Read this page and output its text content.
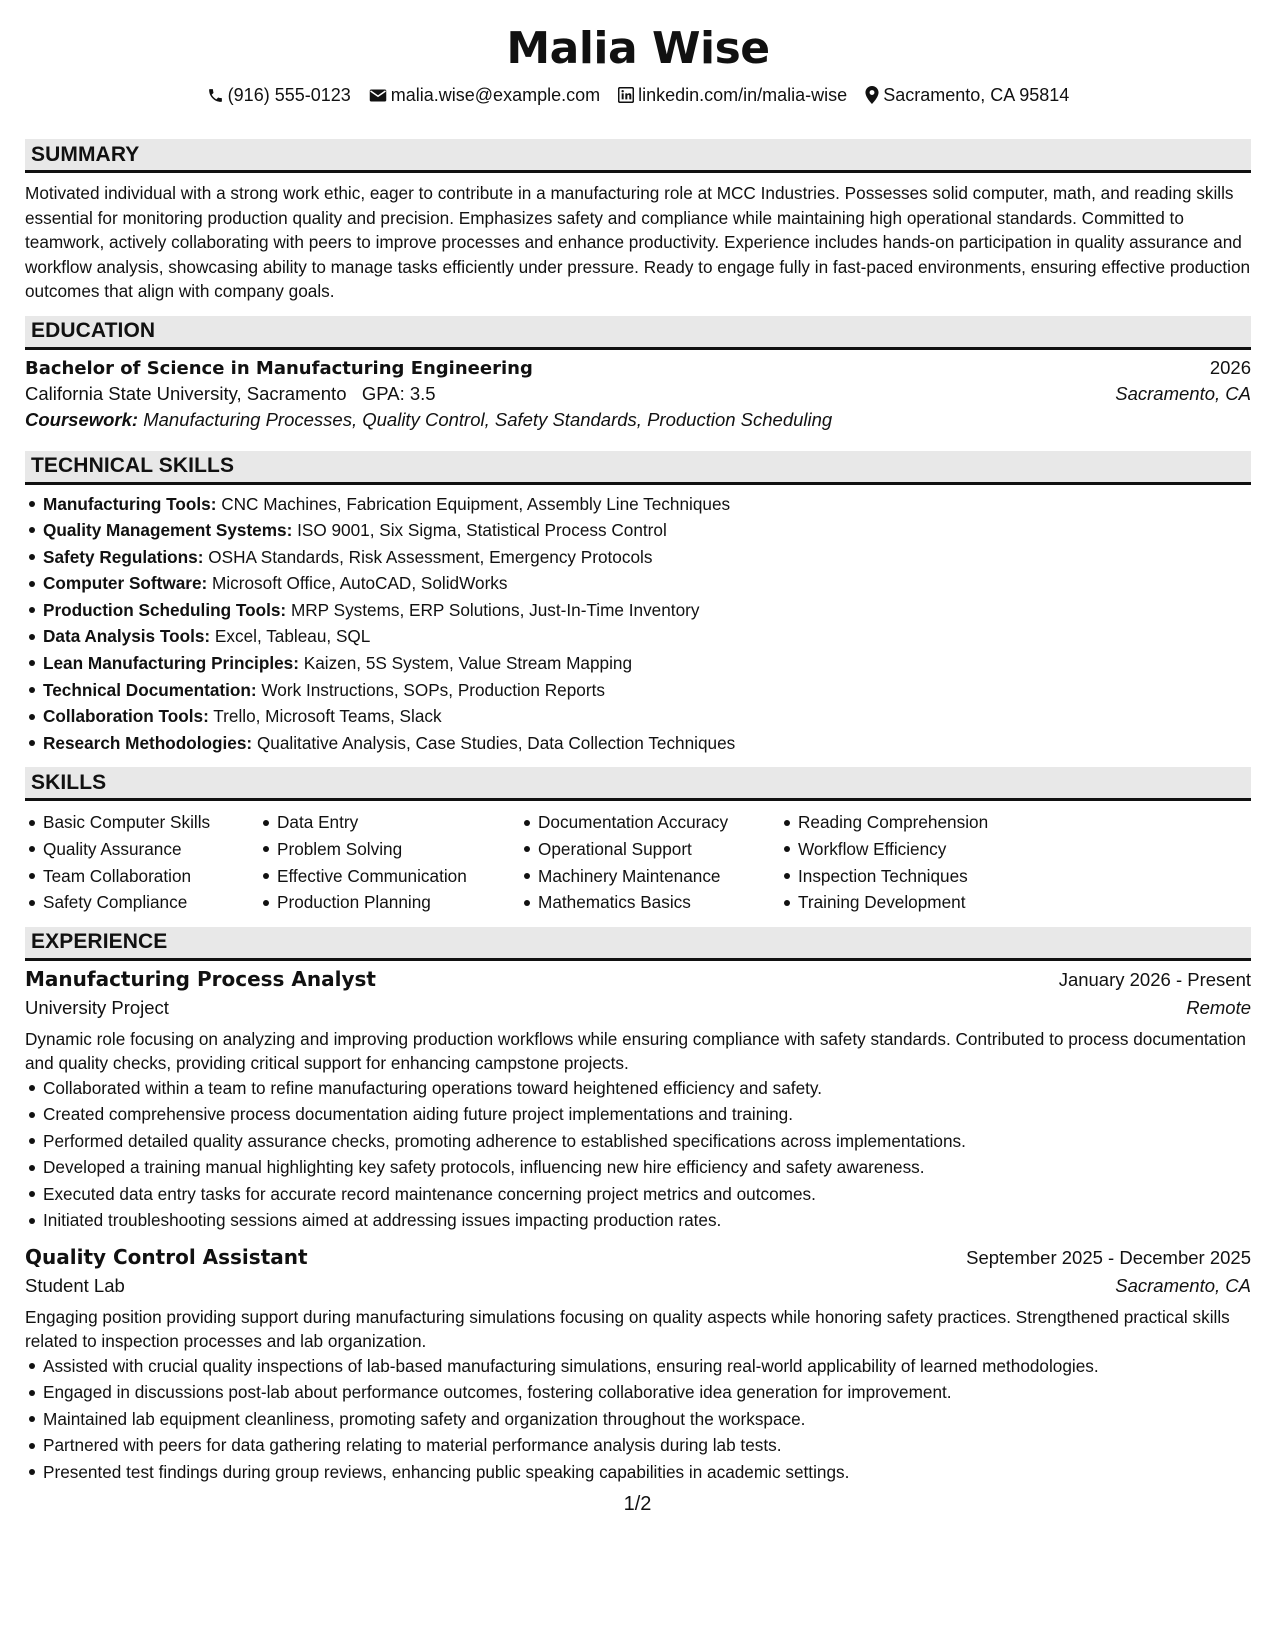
Malia Wise
(916) 555-0123 malia.wise@example.com linkedin.com/in/malia-wise Sacramento, CA 95814
SUMMARY
Motivated individual with a strong work ethic, eager to contribute in a manufacturing role at MCC Industries. Possesses solid computer, math, and reading skills essential for monitoring production quality and precision. Emphasizes safety and compliance while maintaining high operational standards. Committed to teamwork, actively collaborating with peers to improve processes and enhance productivity. Experience includes hands-on participation in quality assurance and workflow analysis, showcasing ability to manage tasks efficiently under pressure. Ready to engage fully in fast-paced environments, ensuring effective production outcomes that align with company goals.
EDUCATION
Bachelor of Science in Manufacturing Engineering	2026
California State University, Sacramento GPA: 3.5	Sacramento, CA
Coursework: Manufacturing Processes, Quality Control, Safety Standards, Production Scheduling
TECHNICAL SKILLS
Manufacturing Tools: CNC Machines, Fabrication Equipment, Assembly Line Techniques
Quality Management Systems: ISO 9001, Six Sigma, Statistical Process Control
Safety Regulations: OSHA Standards, Risk Assessment, Emergency Protocols
Computer Software: Microsoft Office, AutoCAD, SolidWorks
Production Scheduling Tools: MRP Systems, ERP Solutions, Just-In-Time Inventory
Data Analysis Tools: Excel, Tableau, SQL
Lean Manufacturing Principles: Kaizen, 5S System, Value Stream Mapping
Technical Documentation: Work Instructions, SOPs, Production Reports
Collaboration Tools: Trello, Microsoft Teams, Slack
Research Methodologies: Qualitative Analysis, Case Studies, Data Collection Techniques
SKILLS
Basic Computer Skills
Quality Assurance
Team Collaboration
Safety Compliance
Data Entry
Problem Solving
Effective Communication
Production Planning
Documentation Accuracy
Operational Support
Machinery Maintenance
Mathematics Basics
Reading Comprehension
Workflow Efficiency
Inspection Techniques
Training Development
EXPERIENCE
Manufacturing Process Analyst	January 2026 - Present
University Project	Remote
Dynamic role focusing on analyzing and improving production workflows while ensuring compliance with safety standards. Contributed to process documentation and quality checks, providing critical support for enhancing campstone projects.
Collaborated within a team to refine manufacturing operations toward heightened efficiency and safety.
Created comprehensive process documentation aiding future project implementations and training.
Performed detailed quality assurance checks, promoting adherence to established specifications across implementations.
Developed a training manual highlighting key safety protocols, influencing new hire efficiency and safety awareness.
Executed data entry tasks for accurate record maintenance concerning project metrics and outcomes.
Initiated troubleshooting sessions aimed at addressing issues impacting production rates.
Quality Control Assistant	September 2025 - December 2025
Student Lab	Sacramento, CA
Engaging position providing support during manufacturing simulations focusing on quality aspects while honoring safety practices. Strengthened practical skills related to inspection processes and lab organization.
Assisted with crucial quality inspections of lab-based manufacturing simulations, ensuring real-world applicability of learned methodologies.
Engaged in discussions post-lab about performance outcomes, fostering collaborative idea generation for improvement.
Maintained lab equipment cleanliness, promoting safety and organization throughout the workspace.
Partnered with peers for data gathering relating to material performance analysis during lab tests.
Presented test findings during group reviews, enhancing public speaking capabilities in academic settings.
1/2
